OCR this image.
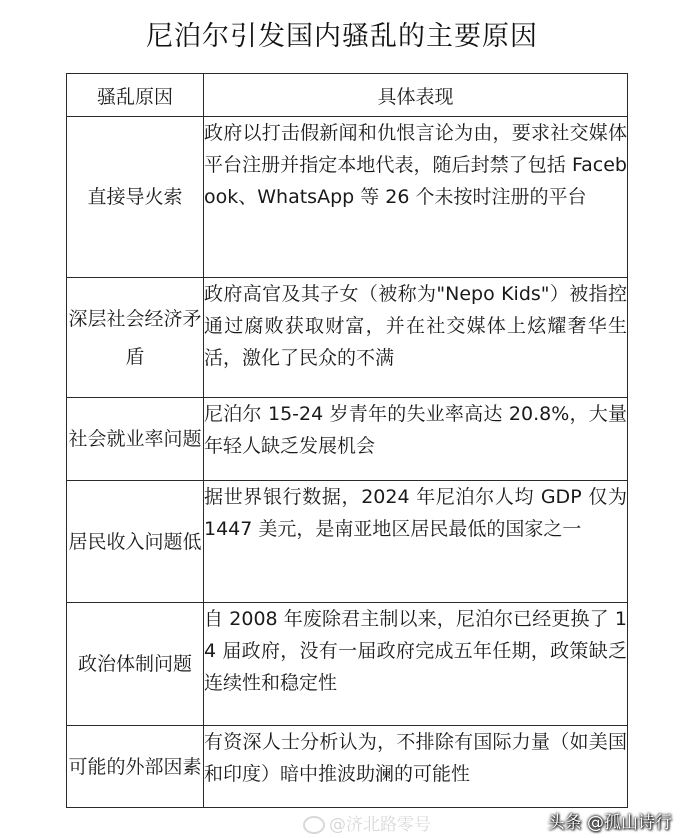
尼泊尔引发国内骚乱的主要原因
骚乱原因	具体表现
直接导火索	政府以打击假新闻和仇恨言论为由，要求社交媒体平台注册并指定本地代表，随后封禁了包括 Facebook、WhatsApp 等 26 个未按时注册的平台
深层社会经济矛盾	政府高官及其子女（被称为"Nepo Kids"）被指控通过腐败获取财富，并在社交媒体上炫耀奢华生活，激化了民众的不满
社会就业率问题	尼泊尔 15-24 岁青年的失业率高达 20.8%，大量年轻人缺乏发展机会
居民收入问题低	据世界银行数据，2024 年尼泊尔人均 GDP 仅为 1447 美元，是南亚地区居民最低的国家之一
政治体制问题	自 2008 年废除君主制以来，尼泊尔已经更换了 14 届政府，没有一届政府完成五年任期，政策缺乏连续性和稳定性
可能的外部因素	有资深人士分析认为，不排除有国际力量（如美国和印度）暗中推波助澜的可能性
@济北路零号	头条 @孤山诗行
